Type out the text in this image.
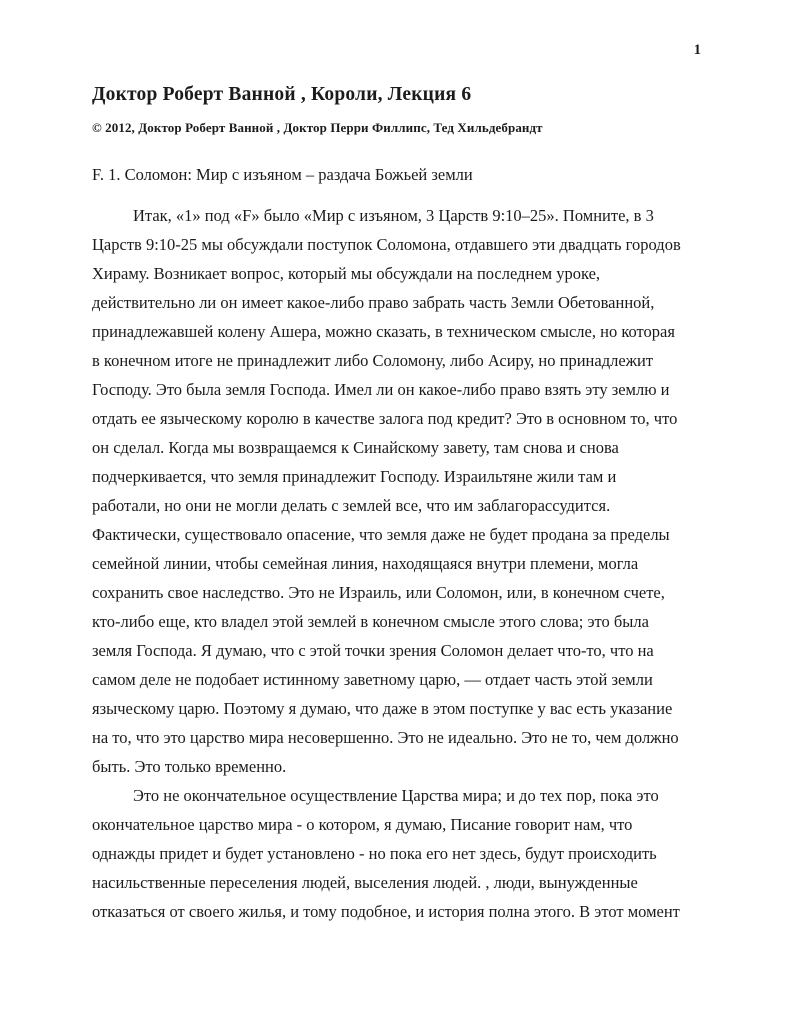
1
Доктор Роберт Ванной , Короли, Лекция 6
© 2012, Доктор Роберт Ванной , Доктор Перри Филлипс, Тед Хильдебрандт
F. 1. Соломон: Мир с изъяном – раздача Божьей земли
Итак, «1» под «F» было «Мир с изъяном, 3 Царств 9:10–25». Помните, в 3
Царств 9:10-25 мы обсуждали поступок Соломона, отдавшего эти двадцать городов
Хираму. Возникает вопрос, который мы обсуждали на последнем уроке,
действительно ли он имеет какое-либо право забрать часть Земли Обетованной,
принадлежавшей колену Ашера, можно сказать, в техническом смысле, но которая
в конечном итоге не принадлежит либо Соломону, либо Асиру, но принадлежит
Господу. Это была земля Господа. Имел ли он какое-либо право взять эту землю и
отдать ее языческому королю в качестве залога под кредит? Это в основном то, что
он сделал. Когда мы возвращаемся к Синайскому завету, там снова и снова
подчеркивается, что земля принадлежит Господу. Израильтяне жили там и
работали, но они не могли делать с землей все, что им заблагорассудится.
Фактически, существовало опасение, что земля даже не будет продана за пределы
семейной линии, чтобы семейная линия, находящаяся внутри племени, могла
сохранить свое наследство. Это не Израиль, или Соломон, или, в конечном счете,
кто-либо еще, кто владел этой землей в конечном смысле этого слова; это была
земля Господа. Я думаю, что с этой точки зрения Соломон делает что-то, что на
самом деле не подобает истинному заветному царю, — отдает часть этой земли
языческому царю. Поэтому я думаю, что даже в этом поступке у вас есть указание
на то, что это царство мира несовершенно. Это не идеально. Это не то, чем должно
быть. Это только временно.
Это не окончательное осуществление Царства мира; и до тех пор, пока это
окончательное царство мира - о котором, я думаю, Писание говорит нам, что
однажды придет и будет установлено - но пока его нет здесь, будут происходить
насильственные переселения людей, выселения людей. , люди, вынужденные
отказаться от своего жилья, и тому подобное, и история полна этого. В этот момент
